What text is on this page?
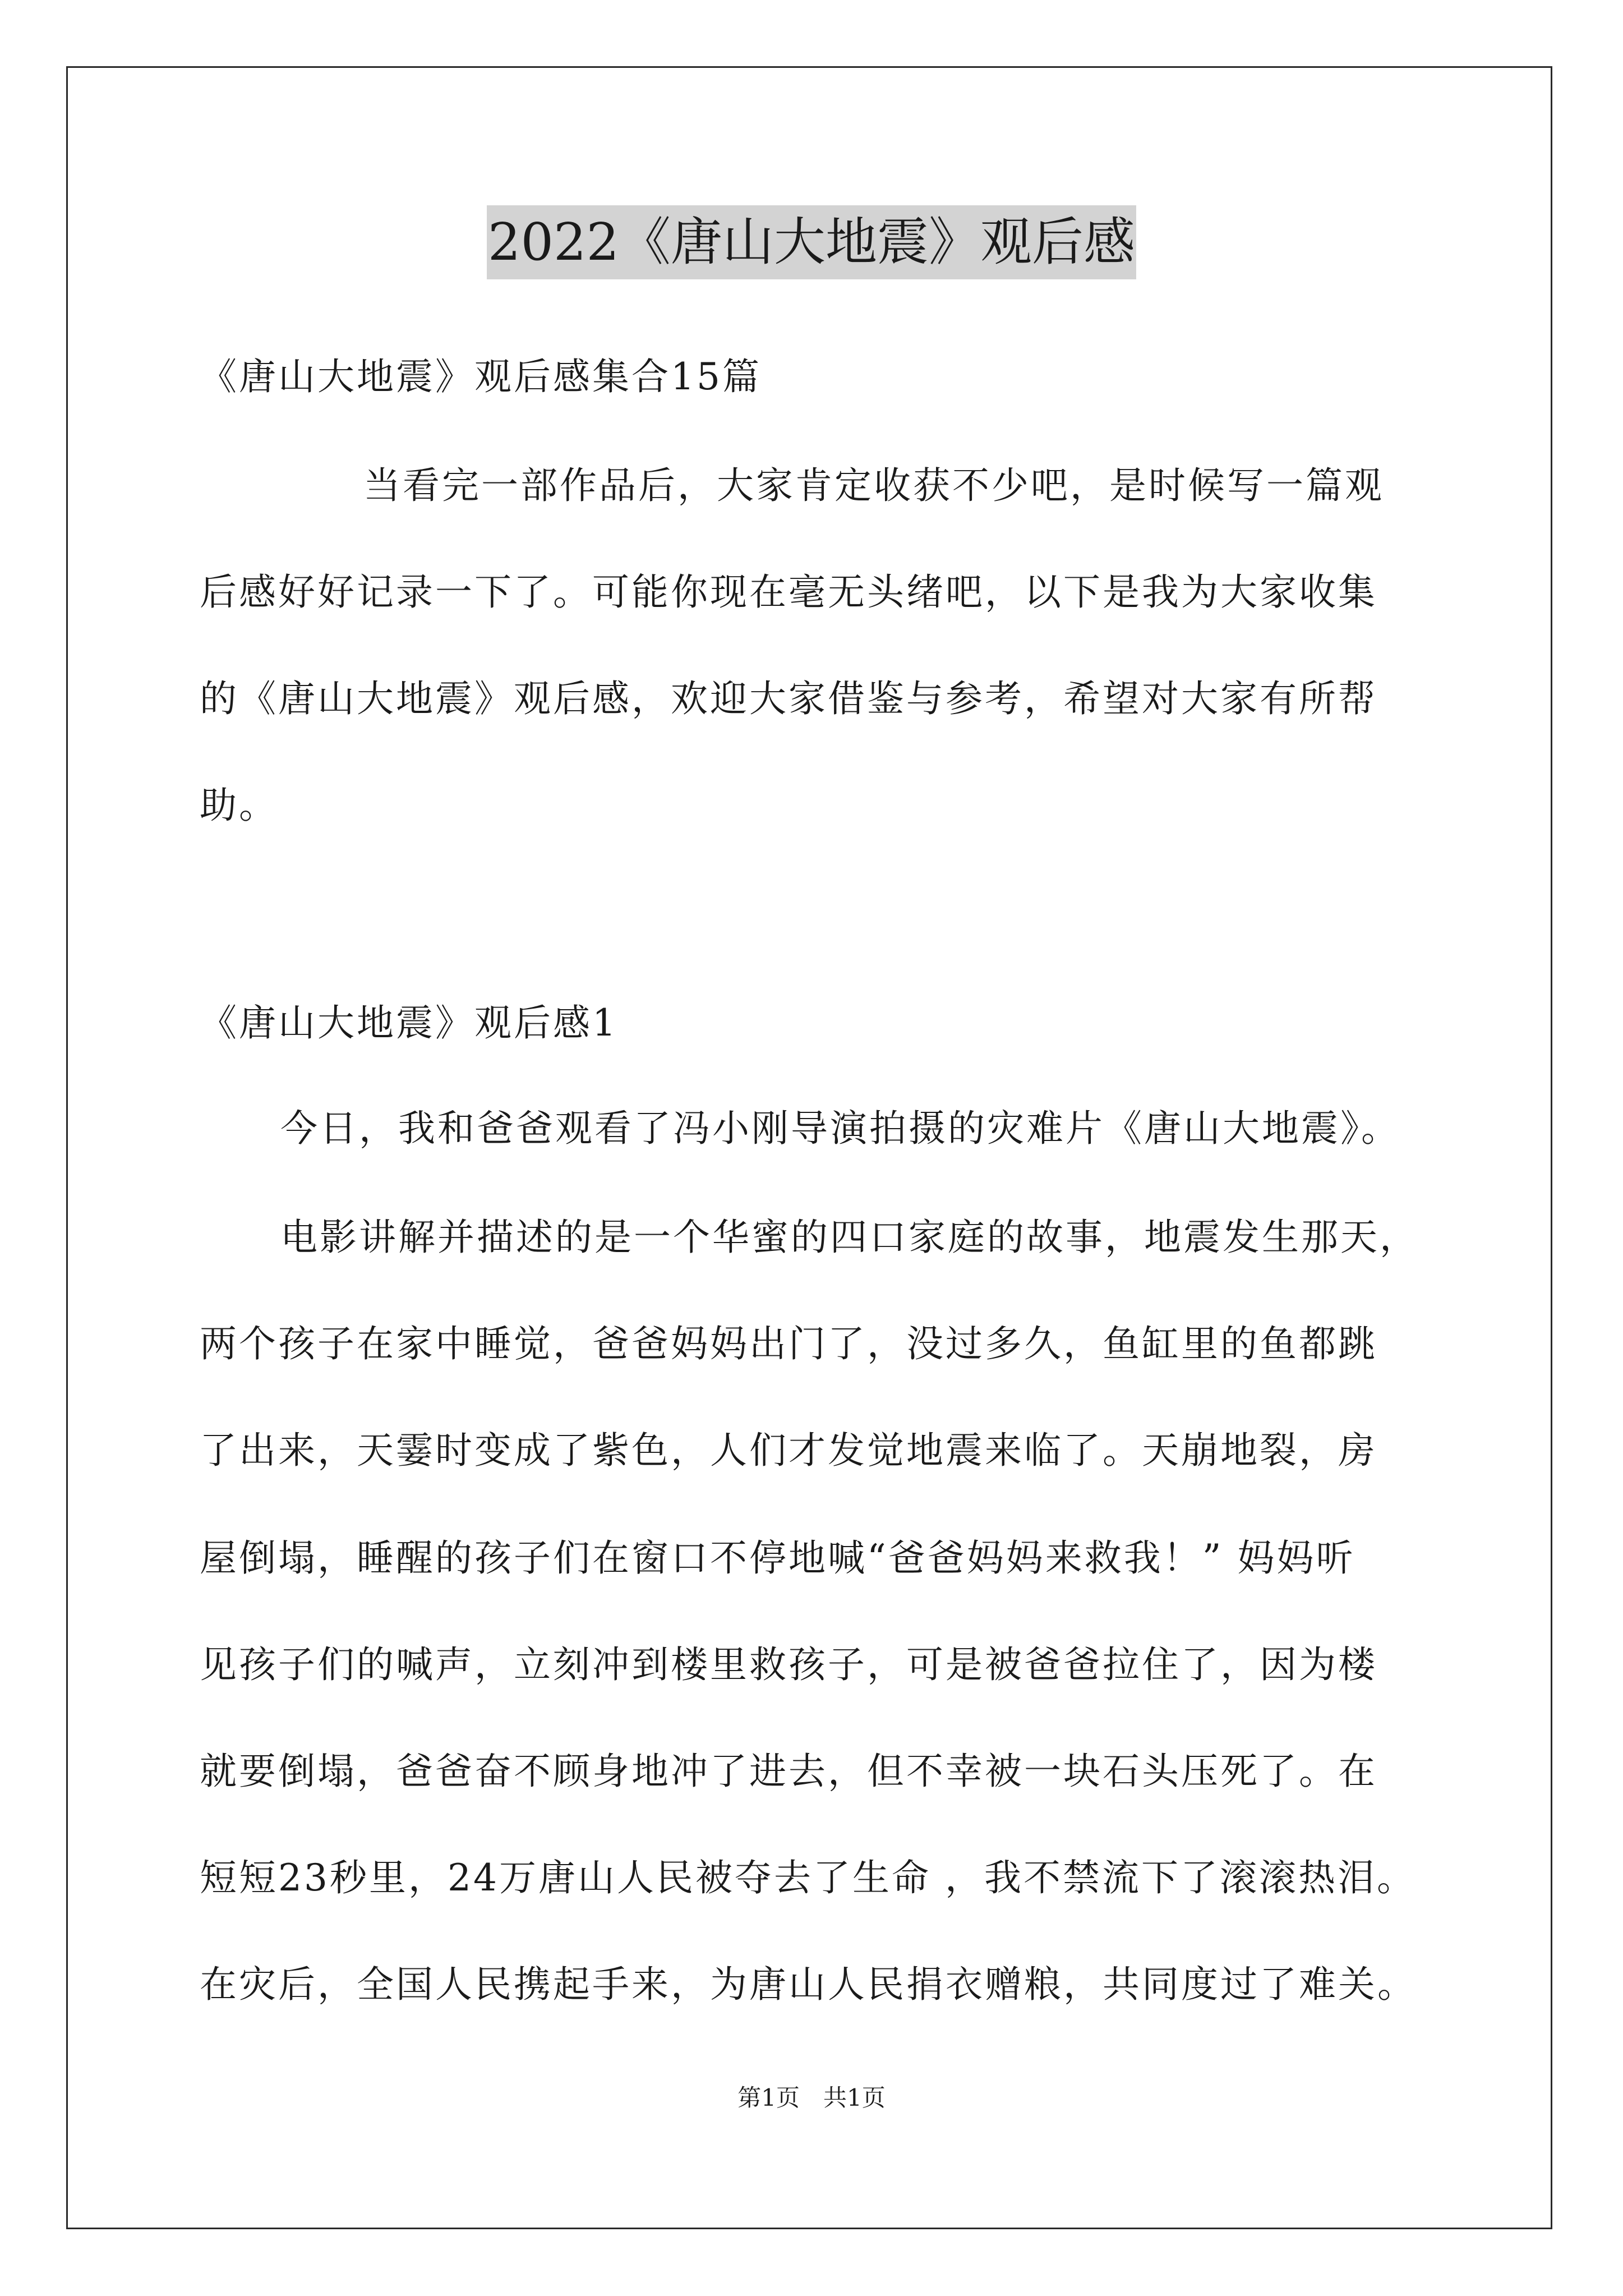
2022《唐山大地震》观后感
《唐山大地震》观后感集合15篇
当看完一部作品后，大家肯定收获不少吧，是时候写一篇观
后感好好记录一下了。可能你现在毫无头绪吧，以下是我为大家收集
的《唐山大地震》观后感，欢迎大家借鉴与参考，希望对大家有所帮
助。
《唐山大地震》观后感1
今日，我和爸爸观看了冯小刚导演拍摄的灾难片《唐山大地震》。
电影讲解并描述的是一个华蜜的四口家庭的故事，地震发生那天，
两个孩子在家中睡觉，爸爸妈妈出门了，没过多久，鱼缸里的鱼都跳
了出来，天霎时变成了紫色，人们才发觉地震来临了。天崩地裂，房
屋倒塌，睡醒的孩子们在窗口不停地喊“爸爸妈妈来救我！” 妈妈听
见孩子们的喊声，立刻冲到楼里救孩子，可是被爸爸拉住了，因为楼
就要倒塌，爸爸奋不顾身地冲了进去，但不幸被一块石头压死了。在
短短23秒里，24万唐山人民被夺去了生命 ，我不禁流下了滚滚热泪。
在灾后，全国人民携起手来，为唐山人民捐衣赠粮，共同度过了难关。
第1页　共1页
